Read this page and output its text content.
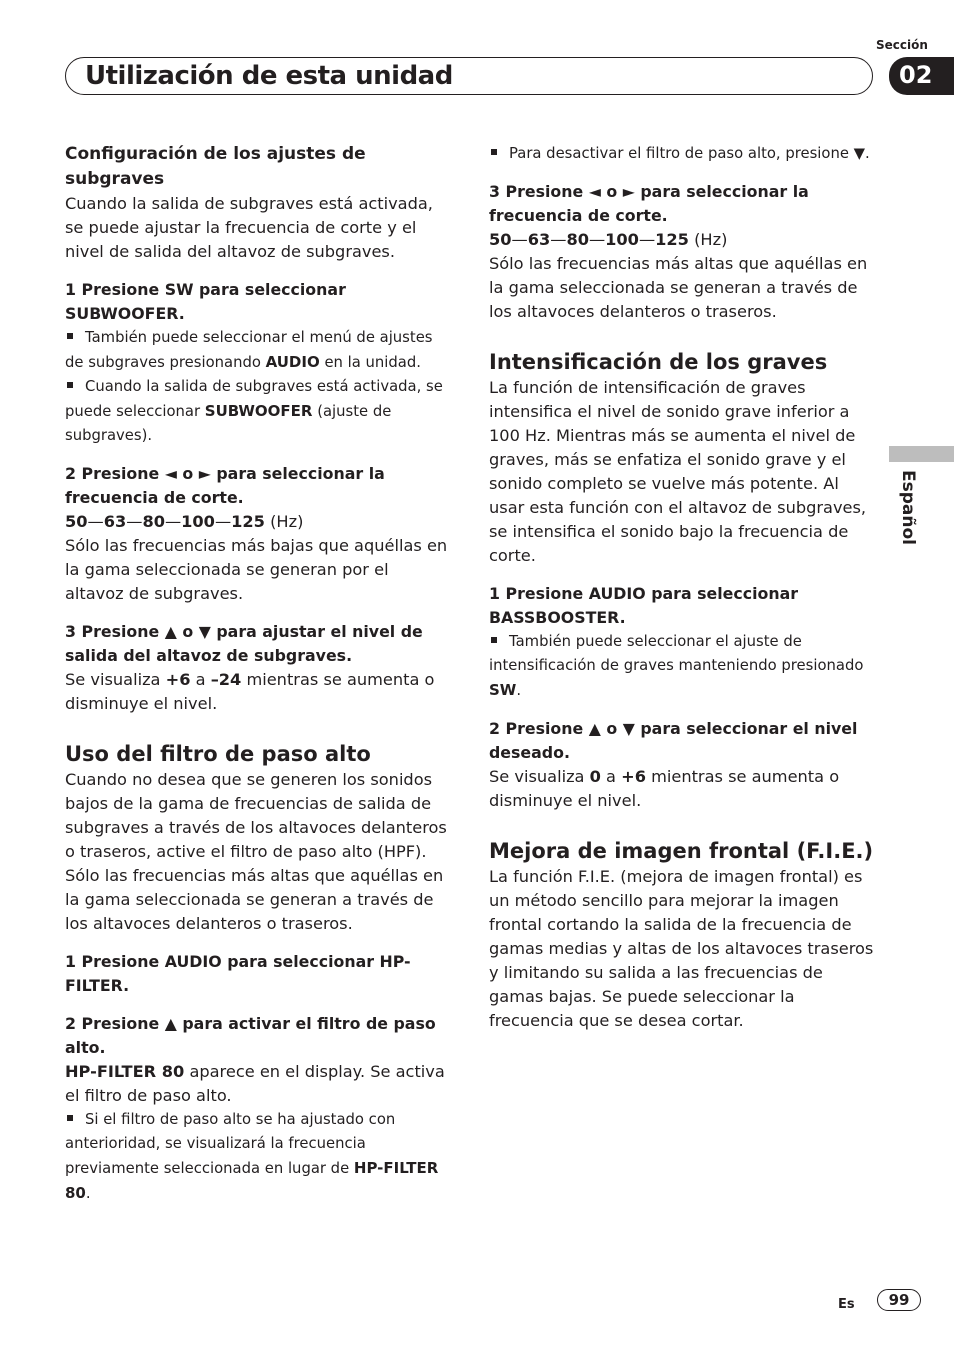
Sección
Utilización de esta unidad	02
Español

Configuración de los ajustes de subgraves

Cuando la salida de subgraves está activada, se puede ajustar la frecuencia de corte y el nivel de salida del altavoz de subgraves.

1 Presione SW para seleccionar SUBWOOFER.

También puede seleccionar el menú de ajustes de subgraves presionando AUDIO en la unidad.

Cuando la salida de subgraves está activada, se puede seleccionar SUBWOOFER (ajuste de subgraves).

2 Presione ◄ o ► para seleccionar la frecuencia de corte.

50—63—80—100—125 (Hz)

Sólo las frecuencias más bajas que aquéllas en la gama seleccionada se generan por el altavoz de subgraves.

3 Presione ▲ o ▼ para ajustar el nivel de salida del altavoz de subgraves.

Se visualiza +6 a –24 mientras se aumenta o disminuye el nivel.

Uso del filtro de paso alto

Cuando no desea que se generen los sonidos bajos de la gama de frecuencias de salida de subgraves a través de los altavoces delanteros o traseros, active el filtro de paso alto (HPF). Sólo las frecuencias más altas que aquéllas en la gama seleccionada se generan a través de los altavoces delanteros o traseros.

1 Presione AUDIO para seleccionar HP-FILTER.

2 Presione ▲ para activar el filtro de paso alto.

HP-FILTER 80 aparece en el display. Se activa el filtro de paso alto.

Si el filtro de paso alto se ha ajustado con anterioridad, se visualizará la frecuencia previamente seleccionada en lugar de HP-FILTER 80.

Para desactivar el filtro de paso alto, presione ▼.

3 Presione ◄ o ► para seleccionar la frecuencia de corte.

50—63—80—100—125 (Hz)

Sólo las frecuencias más altas que aquéllas en la gama seleccionada se generan a través de los altavoces delanteros o traseros.

Intensificación de los graves

La función de intensificación de graves intensifica el nivel de sonido grave inferior a 100 Hz. Mientras más se aumenta el nivel de graves, más se enfatiza el sonido grave y el sonido completo se vuelve más potente. Al usar esta función con el altavoz de subgraves, se intensifica el sonido bajo la frecuencia de corte.

1 Presione AUDIO para seleccionar BASSBOOSTER.

También puede seleccionar el ajuste de intensificación de graves manteniendo presionado SW.

2 Presione ▲ o ▼ para seleccionar el nivel deseado.

Se visualiza 0 a +6 mientras se aumenta o disminuye el nivel.

Mejora de imagen frontal (F.I.E.)

La función F.I.E. (mejora de imagen frontal) es un método sencillo para mejorar la imagen frontal cortando la salida de la frecuencia de gamas medias y altas de los altavoces traseros y limitando su salida a las frecuencias de gamas bajas. Se puede seleccionar la frecuencia que se desea cortar.

Es	99
